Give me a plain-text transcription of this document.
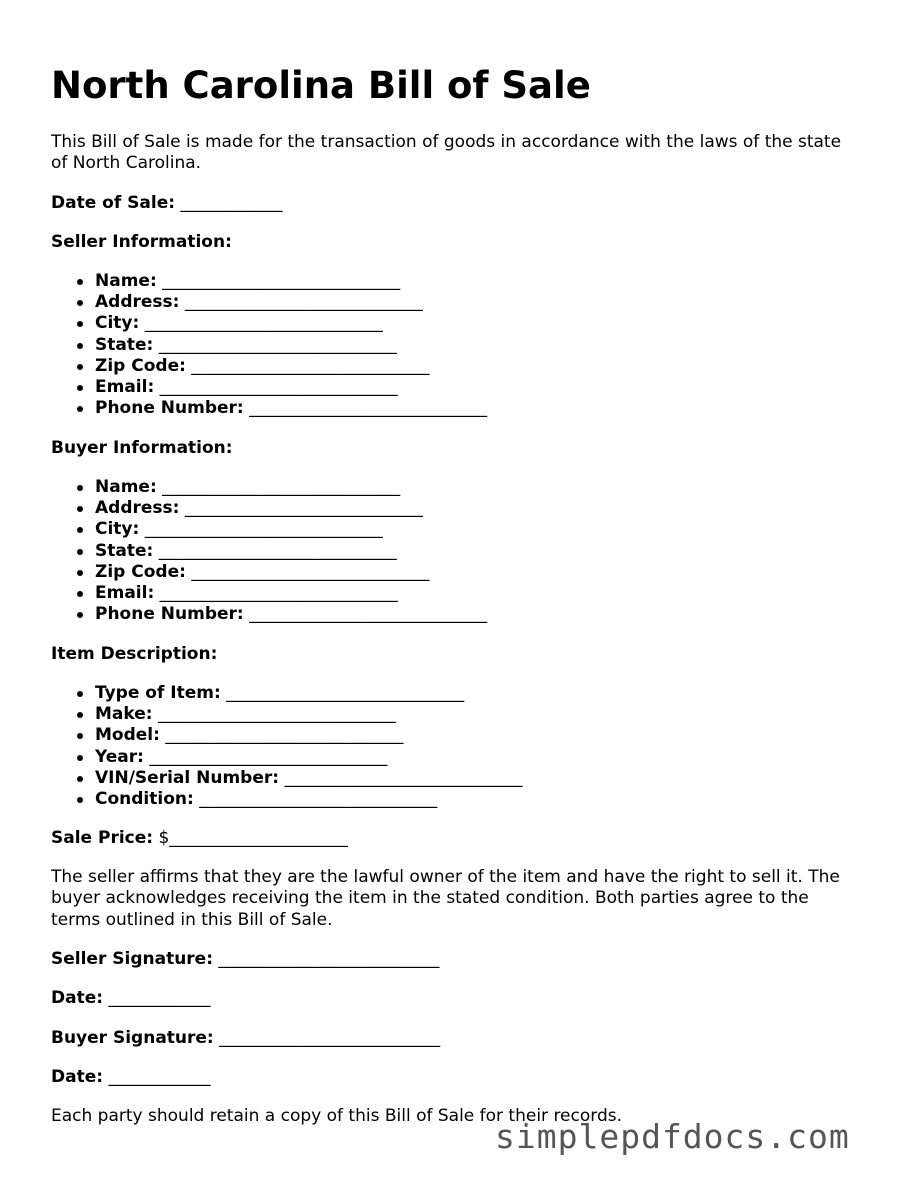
North Carolina Bill of Sale

This Bill of Sale is made for the transaction of goods in accordance with the laws of the state of North Carolina.

Date of Sale: ____________

Seller Information:

Name: ____________________________
Address: ____________________________
City: ____________________________
State: ____________________________
Zip Code: ____________________________
Email: ____________________________
Phone Number: ____________________________

Buyer Information:

Name: ____________________________
Address: ____________________________
City: ____________________________
State: ____________________________
Zip Code: ____________________________
Email: ____________________________
Phone Number: ____________________________

Item Description:

Type of Item: ____________________________
Make: ____________________________
Model: ____________________________
Year: ____________________________
VIN/Serial Number: ____________________________
Condition: ____________________________

Sale Price: $_____________________

The seller affirms that they are the lawful owner of the item and have the right to sell it. The buyer acknowledges receiving the item in the stated condition. Both parties agree to the terms outlined in this Bill of Sale.

Seller Signature: __________________________

Date: ____________

Buyer Signature: __________________________

Date: ____________

Each party should retain a copy of this Bill of Sale for their records.

simplepdfdocs.com
